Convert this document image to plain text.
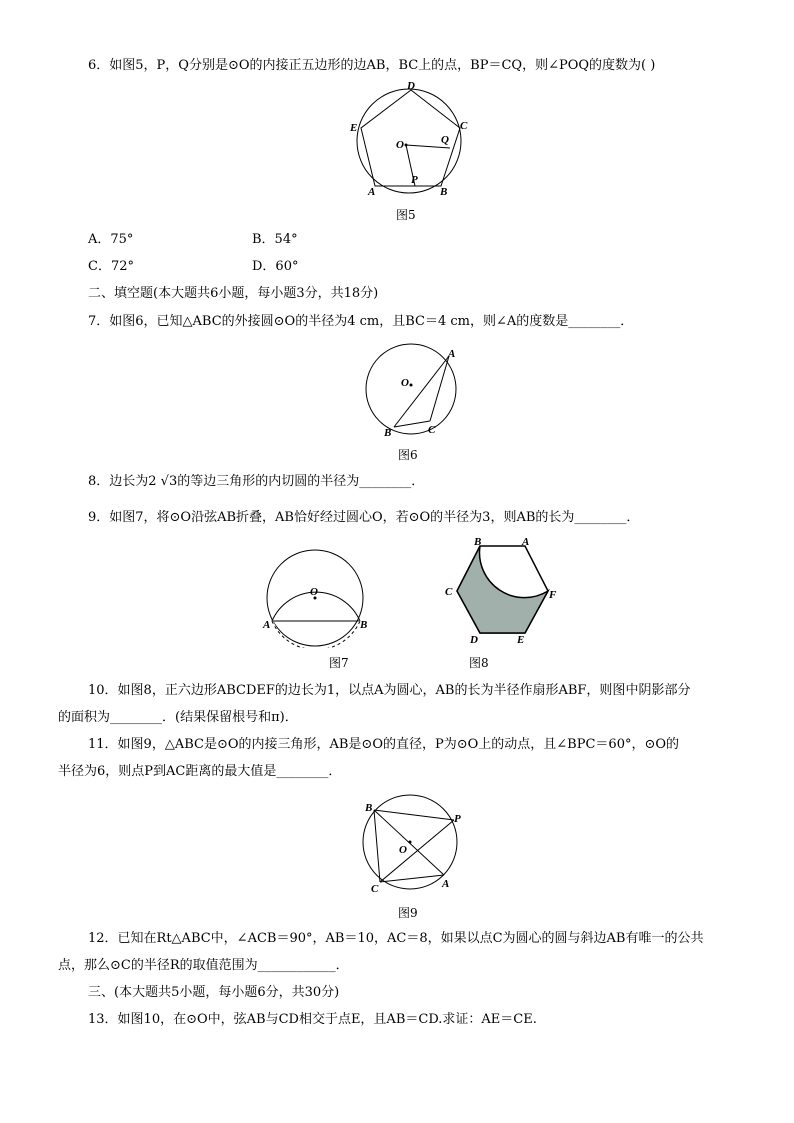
6．如图5，P，Q分别是⊙O的内接正五边形的边AB，BC上的点，BP＝CQ，则∠POQ的度数为( )
D
E	C
O	Q
P
A	B
图5
A．75°	B．54°
C．72°	D．60°
二、填空题(本大题共6小题，每小题3分，共18分)
7．如图6，已知△ABC的外接圆⊙O的半径为4 cm，且BC＝4 cm，则∠A的度数是________．
A
O
B	C
图6
8．边长为2 √3的等边三角形的内切圆的半径为________．
9．如图7，将⊙O沿弦AB折叠，AB恰好经过圆心O，若⊙O的半径为3，则AB的长为________．
O
A	B
图7
B	A
C	F
D	E
图8
10．如图8，正六边形ABCDEF的边长为1，以点A为圆心，AB的长为半径作扇形ABF，则图中阴影部分
的面积为________．(结果保留根号和π)．
11．如图9，△ABC是⊙O的内接三角形，AB是⊙O的直径，P为⊙O上的动点，且∠BPC＝60°，⊙O的
半径为6，则点P到AC距离的最大值是________．
B
P
O
C	A
图9
12．已知在Rt△ABC中，∠ACB＝90°，AB＝10，AC＝8，如果以点C为圆心的圆与斜边AB有唯一的公共
点，那么⊙C的半径R的取值范围为____________．
三、(本大题共5小题，每小题6分，共30分)
13．如图10，在⊙O中，弦AB与CD相交于点E，且AB＝CD.求证：AE＝CE.
